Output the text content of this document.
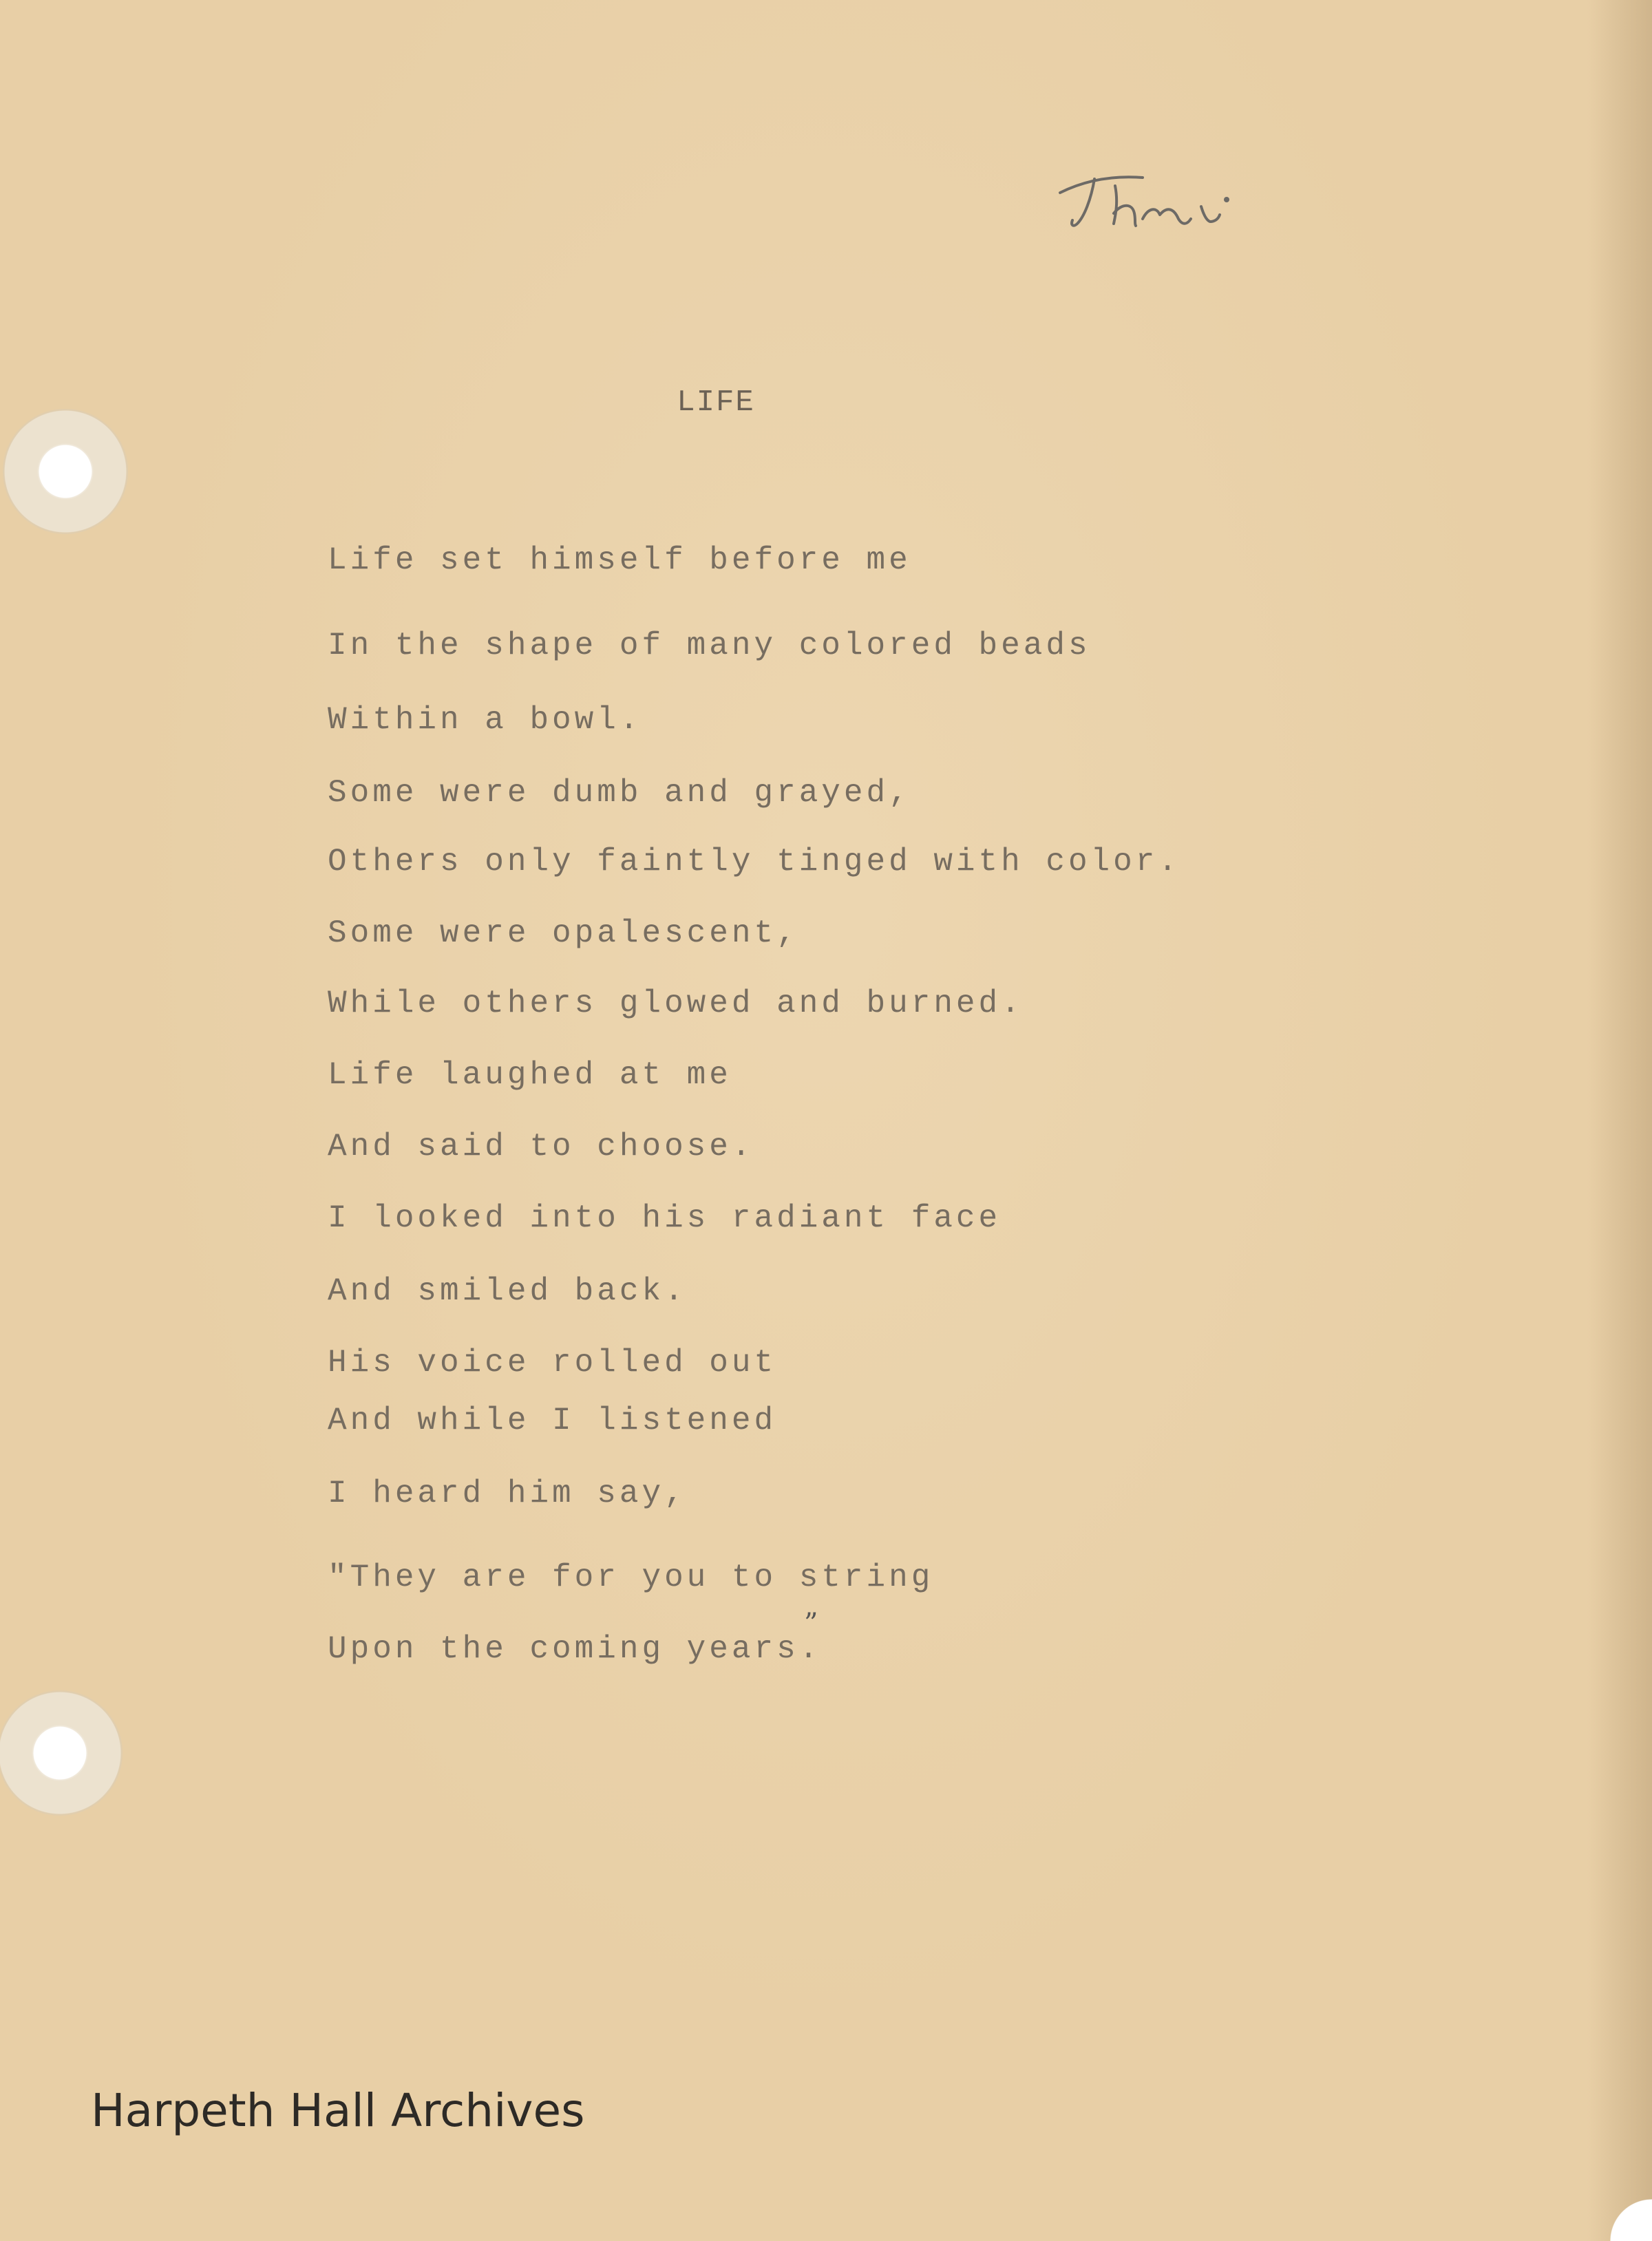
LIFE

Life set himself before me

In the shape of many colored beads

Within a bowl.

Some were dumb and grayed,

Others only faintly tinged with color.

Some were opalescent,

While others glowed and burned.

Life laughed at me

And said to choose.

I looked into his radiant face

And smiled back.

His voice rolled out

And while I listened

I heard him say,

"They are for you to string

Upon the coming years.

”
Harpeth Hall Archives
